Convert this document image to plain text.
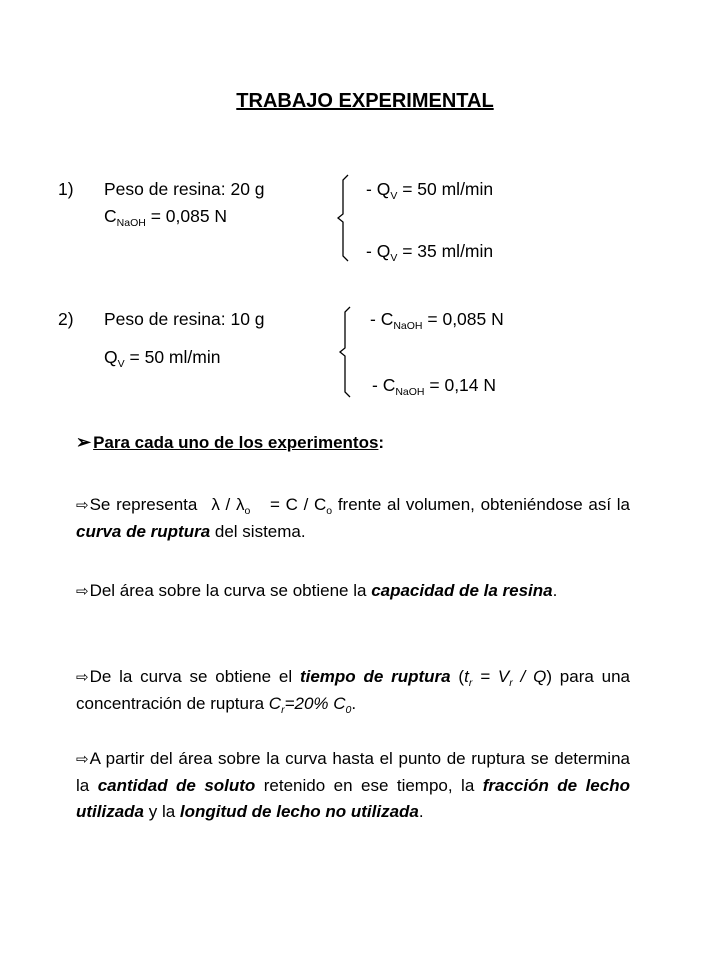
TRABAJO EXPERIMENTAL
1) Peso de resina: 20 g
$C_{NaOH} = 0,085$ N
- $Q_V = 50$ ml/min
- $Q_V = 35$ ml/min
2) Peso de resina: 10 g
$Q_V = 50$ ml/min
- $C_{NaOH} = 0,085$ N
- $C_{NaOH} = 0,14$ N
➢ Para cada uno de los experimentos:
⇨Se representa $\lambda / \lambda_o = C / C_o$ frente al volumen, obteniéndose así la curva de ruptura del sistema.
⇨Del área sobre la curva se obtiene la capacidad de la resina.
⇨De la curva se obtiene el tiempo de ruptura $(t_r = V_r / Q)$ para una concentración de ruptura $C_r=20\%$ $C_0$.
⇨A partir del área sobre la curva hasta el punto de ruptura se determina la cantidad de soluto retenido en ese tiempo, la fracción de lecho utilizada y la longitud de lecho no utilizada.
